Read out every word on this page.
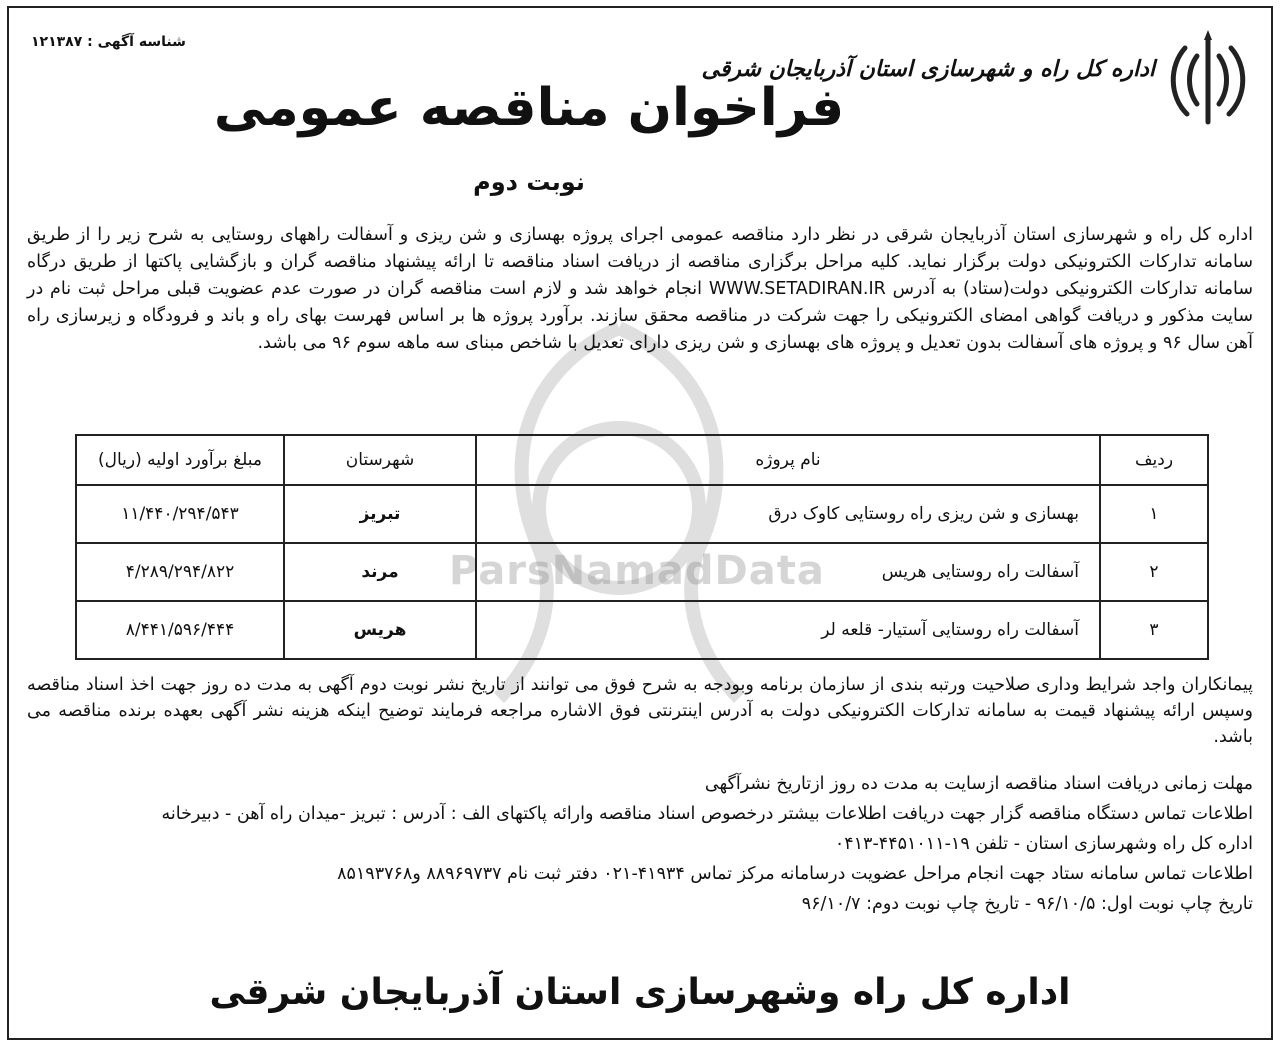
شناسه آگهی : ۱۲۱۳۸۷
اداره کل راه و شهرسازی استان آذربایجان شرقی
فراخوان مناقصه عمومی
نوبت دوم
ParsNamadData
اداره کل راه و شهرسازی استان آذربایجان شرقی در نظر دارد مناقصه عمومی اجرای پروژه بهسازی و شن ریزی و آسفالت راههای روستایی به شرح زیر را از طریق سامانه تدارکات الکترونیکی دولت برگزار نماید. کلیه مراحل برگزاری مناقصه از دریافت اسناد مناقصه تا ارائه پیشنهاد مناقصه گران و بازگشایی پاکتها از طریق درگاه سامانه تدارکات الکترونیکی دولت(ستاد) به آدرس WWW.SETADIRAN.IR انجام خواهد شد و لازم است مناقصه گران در صورت عدم عضویت قبلی مراحل ثبت نام در سایت مذکور و دریافت گواهی امضای الکترونیکی را جهت شرکت در مناقصه محقق سازند. برآورد پروژه ها بر اساس فهرست بهای راه و باند و فرودگاه و زیرسازی راه آهن سال ۹۶ و پروژه های آسفالت بدون تعدیل و پروژه های بهسازی و شن ریزی دارای تعدیل با شاخص مبنای سه ماهه سوم ۹۶ می باشد.
ردیف	نام پروژه	شهرستان	مبلغ برآورد اولیه (ریال)
۱	بهسازی و شن ریزی راه روستایی کاوک درق	تبریز	۱۱/۴۴۰/۲۹۴/۵۴۳
۲	آسفالت راه روستایی هریس	مرند	۴/۲۸۹/۲۹۴/۸۲۲
۳	آسفالت راه روستایی آستیار- قلعه لر	هریس	۸/۴۴۱/۵۹۶/۴۴۴
پیمانکاران واجد شرایط وداری صلاحیت ورتبه بندی از سازمان برنامه وبودجه به شرح فوق می توانند از تاریخ نشر نوبت دوم آگهی به مدت ده روز جهت اخذ اسناد مناقصه وسپس ارائه پیشنهاد قیمت به سامانه تدارکات الکترونیکی دولت به آدرس اینترنتی فوق الاشاره مراجعه فرمایند توضیح اینکه هزینه نشر آگهی بعهده برنده مناقصه می باشد.
مهلت زمانی دریافت اسناد مناقصه ازسایت به مدت ده روز ازتاریخ نشرآگهی
اطلاعات تماس دستگاه مناقصه گزار جهت دریافت اطلاعات بیشتر درخصوص اسناد مناقصه وارائه پاکتهای الف : آدرس : تبریز -میدان راه آهن - دبیرخانه
اداره کل راه وشهرسازی استان - تلفن ۱۹-۴۴۵۱۰۱۱-۰۴۱۳
اطلاعات تماس سامانه ستاد جهت انجام مراحل عضویت درسامانه مرکز تماس ۴۱۹۳۴-۰۲۱ دفتر ثبت نام ۸۸۹۶۹۷۳۷ و۸۵۱۹۳۷۶۸
تاریخ چاپ نوبت اول: ۹۶/۱۰/۵ - تاریخ چاپ نوبت دوم: ۹۶/۱۰/۷
اداره کل راه وشهرسازی استان آذربایجان شرقی
